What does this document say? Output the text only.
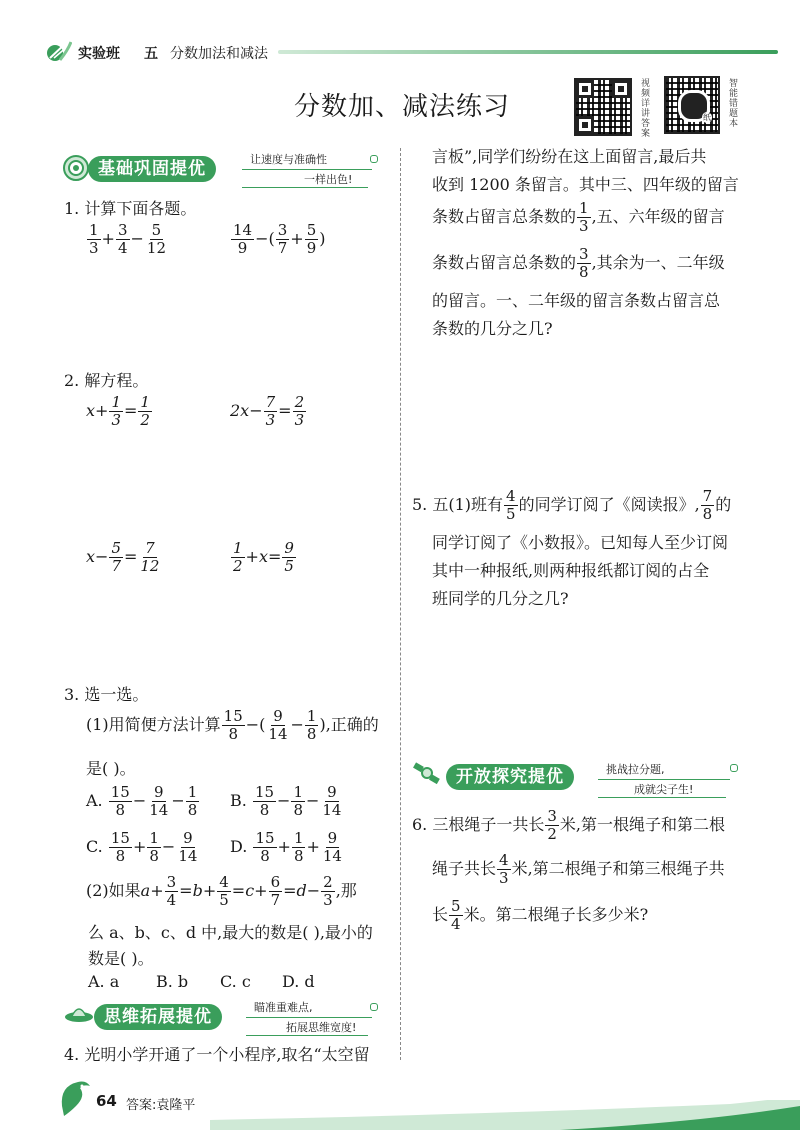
实验班 五 分数加法和减法
分数加、减法练习	视频详讲答案	纸 智能错题本
基础巩固提优	让速度与准确性
一样出色!
1. 计算下面各题。
$\frac{1}{3} + \frac{3}{4} - \frac{5}{12}$	$\frac{14}{9}$ −( $\frac{3}{7} + \frac{5}{9}$ )
2. 解方程。
$x+ \frac{1}{3} = \frac{1}{2}$	$2x- \frac{7}{3} = \frac{2}{3}$
$x- \frac{5}{7} = \frac{7}{12}$	$\frac{1}{2} +x= \frac{9}{5}$
3. 选一选。
(1)用简便方法计算 $\frac{15}{8}$ −( $\frac{9}{14} - \frac{1}{8}$ ),正确的
是( )。
A. $\frac{15}{8} - \frac{9}{14} - \frac{1}{8} B$. $\frac{15}{8} - \frac{1}{8} - \frac{9}{14}$
C. $\frac{15}{8} + \frac{1}{8} - \frac{9}{14} D$. $\frac{15}{8} + \frac{1}{8} + \frac{9}{14}$
(2)如果$a+ \frac{3}{4} =b+ \frac{4}{5} =c+ \frac{6}{7} =d- \frac{2}{3}$ ,那
么 a、b、c、d 中,最大的数是( ),最小的
数是( )。
A. a B. b C. c D. d
思维拓展提优	瞄准重难点,
拓展思维宽度!
4. 光明小学开通了一个小程序,取名“太空留
言板”,同学们纷纷在这上面留言,最后共
收到 1200 条留言。其中三、四年级的留言
条数占留言总条数的 $\frac{1}{3}$ ,五、六年级的留言
条数占留言总条数的 $\frac{3}{8}$ ,其余为一、二年级
的留言。一、二年级的留言条数占留言总
条数的几分之几?
5. 五(1)班有 $\frac{4}{5}$ 的同学订阅了《阅读报》, $\frac{7}{8}$ 的
同学订阅了《小数报》。已知每人至少订阅
其中一种报纸,则两种报纸都订阅的占全
班同学的几分之几?
开放探究提优	挑战拉分题,
成就尖子生!
6. 三根绳子一共长 $\frac{3}{2}$ 米,第一根绳子和第二根
绳子共长 $\frac{4}{3}$ 米,第二根绳子和第三根绳子共
长 $\frac{5}{4}$ 米。第二根绳子长多少米?
64 答案:袁隆平
